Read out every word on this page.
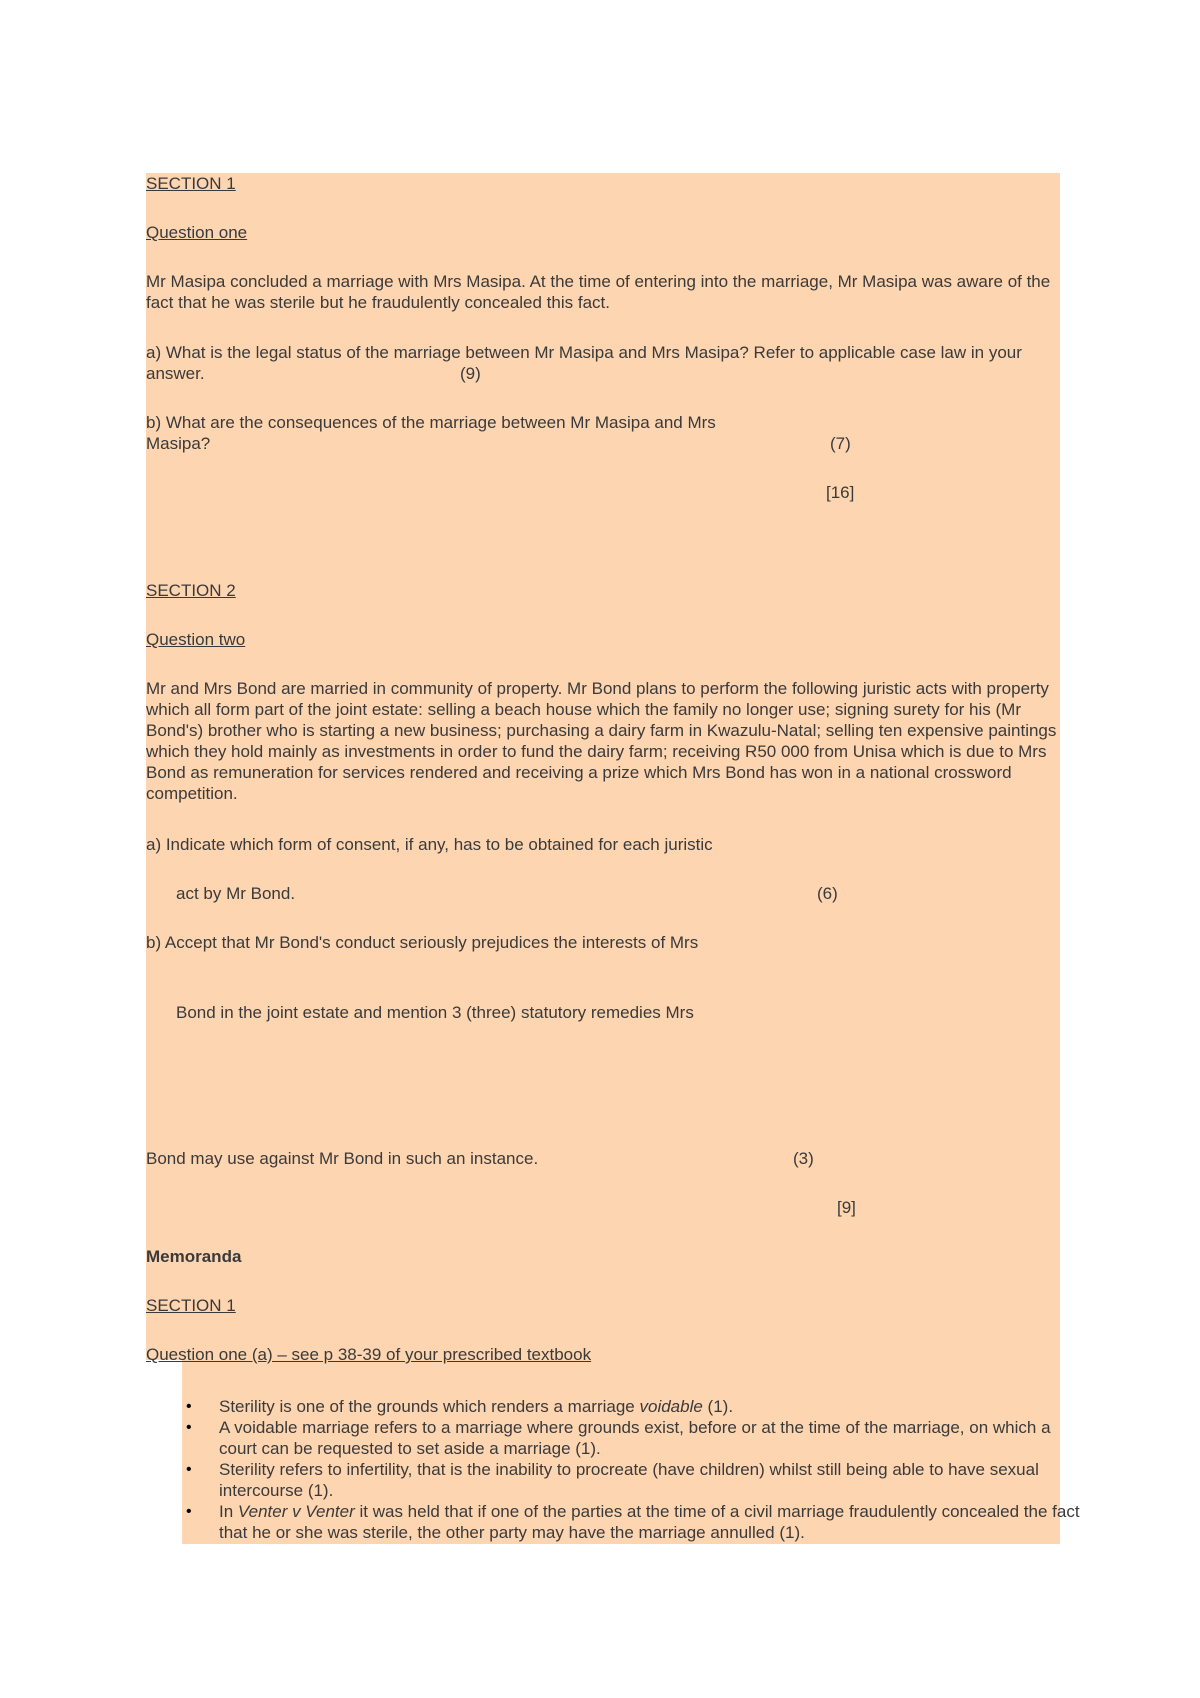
SECTION 1
Question one
Mr Masipa concluded a marriage with Mrs Masipa. At the time of entering into the marriage, Mr Masipa was aware of the fact that he was sterile but he fraudulently concealed this fact.
a) What is the legal status of the marriage between Mr Masipa and Mrs Masipa? Refer to applicable case law in your answer.	(9)
b) What are the consequences of the marriage between Mr Masipa and Mrs
Masipa?	(7)
[16]
SECTION 2
Question two
Mr and Mrs Bond are married in community of property. Mr Bond plans to perform the following juristic acts with property which all form part of the joint estate: selling a beach house which the family no longer use; signing surety for his (Mr Bond's) brother who is starting a new business; purchasing a dairy farm in Kwazulu-Natal; selling ten expensive paintings which they hold mainly as investments in order to fund the dairy farm; receiving R50 000 from Unisa which is due to Mrs Bond as remuneration for services rendered and receiving a prize which Mrs Bond has won in a national crossword competition.
a) Indicate which form of consent, if any, has to be obtained for each juristic
act by Mr Bond.	(6)
b) Accept that Mr Bond's conduct seriously prejudices the interests of Mrs
Bond in the joint estate and mention 3 (three) statutory remedies Mrs
Bond may use against Mr Bond in such an instance.	(3)
[9]
Memoranda
SECTION 1
Question one (a) – see p 38-39 of your prescribed textbook
• Sterility is one of the grounds which renders a marriage voidable (1).
• A voidable marriage refers to a marriage where grounds exist, before or at the time of the marriage, on which a court can be requested to set aside a marriage (1).
• Sterility refers to infertility, that is the inability to procreate (have children) whilst still being able to have sexual intercourse (1).
• In Venter v Venter it was held that if one of the parties at the time of a civil marriage fraudulently concealed the fact that he or she was sterile, the other party may have the marriage annulled (1).
